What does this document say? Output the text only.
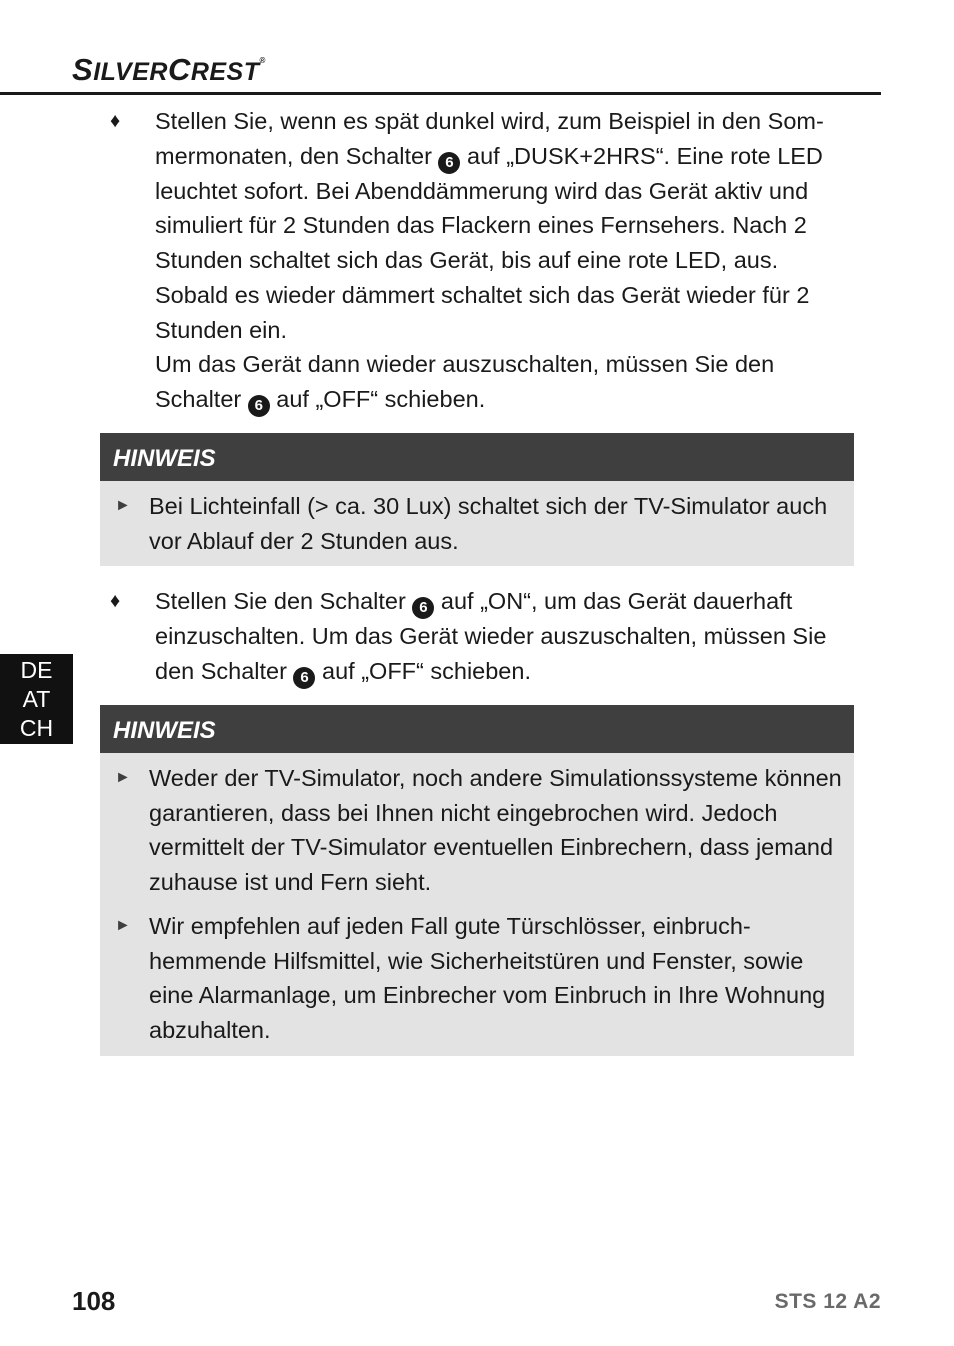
SILVERCREST®
♦ Stellen Sie, wenn es spät dunkel wird, zum Beispiel in den Som-mermonaten, den Schalter 6 auf „DUSK+2HRS“. Eine rote LED leuchtet sofort. Bei Abenddämmerung wird das Gerät aktiv und simuliert für 2 Stunden das Flackern eines Fernsehers. Nach 2 Stunden schaltet sich das Gerät, bis auf eine rote LED, aus. Sobald es wieder dämmert schaltet sich das Gerät wieder für 2 Stunden ein.
Um das Gerät dann wieder auszuschalten, müssen Sie den Schalter 6 auf „OFF“ schieben.
HINWEIS
► Bei Lichteinfall (> ca. 30 Lux) schaltet sich der TV-Simulator auch vor Ablauf der 2 Stunden aus.
♦ Stellen Sie den Schalter 6 auf „ON“, um das Gerät dauerhaft einzuschalten. Um das Gerät wieder auszuschalten, müssen Sie den Schalter 6 auf „OFF“ schieben.
HINWEIS
► Weder der TV-Simulator, noch andere Simulationssysteme können garantieren, dass bei Ihnen nicht eingebrochen wird. Jedoch vermittelt der TV-Simulator eventuellen Einbrechern, dass jemand zuhause ist und Fern sieht.
► Wir empfehlen auf jeden Fall gute Türschlösser, einbruch-hemmende Hilfsmittel, wie Sicherheitstüren und Fenster, sowie eine Alarmanlage, um Einbrecher vom Einbruch in Ihre Wohnung abzuhalten.
DE
AT
CH
108	STS 12 A2
